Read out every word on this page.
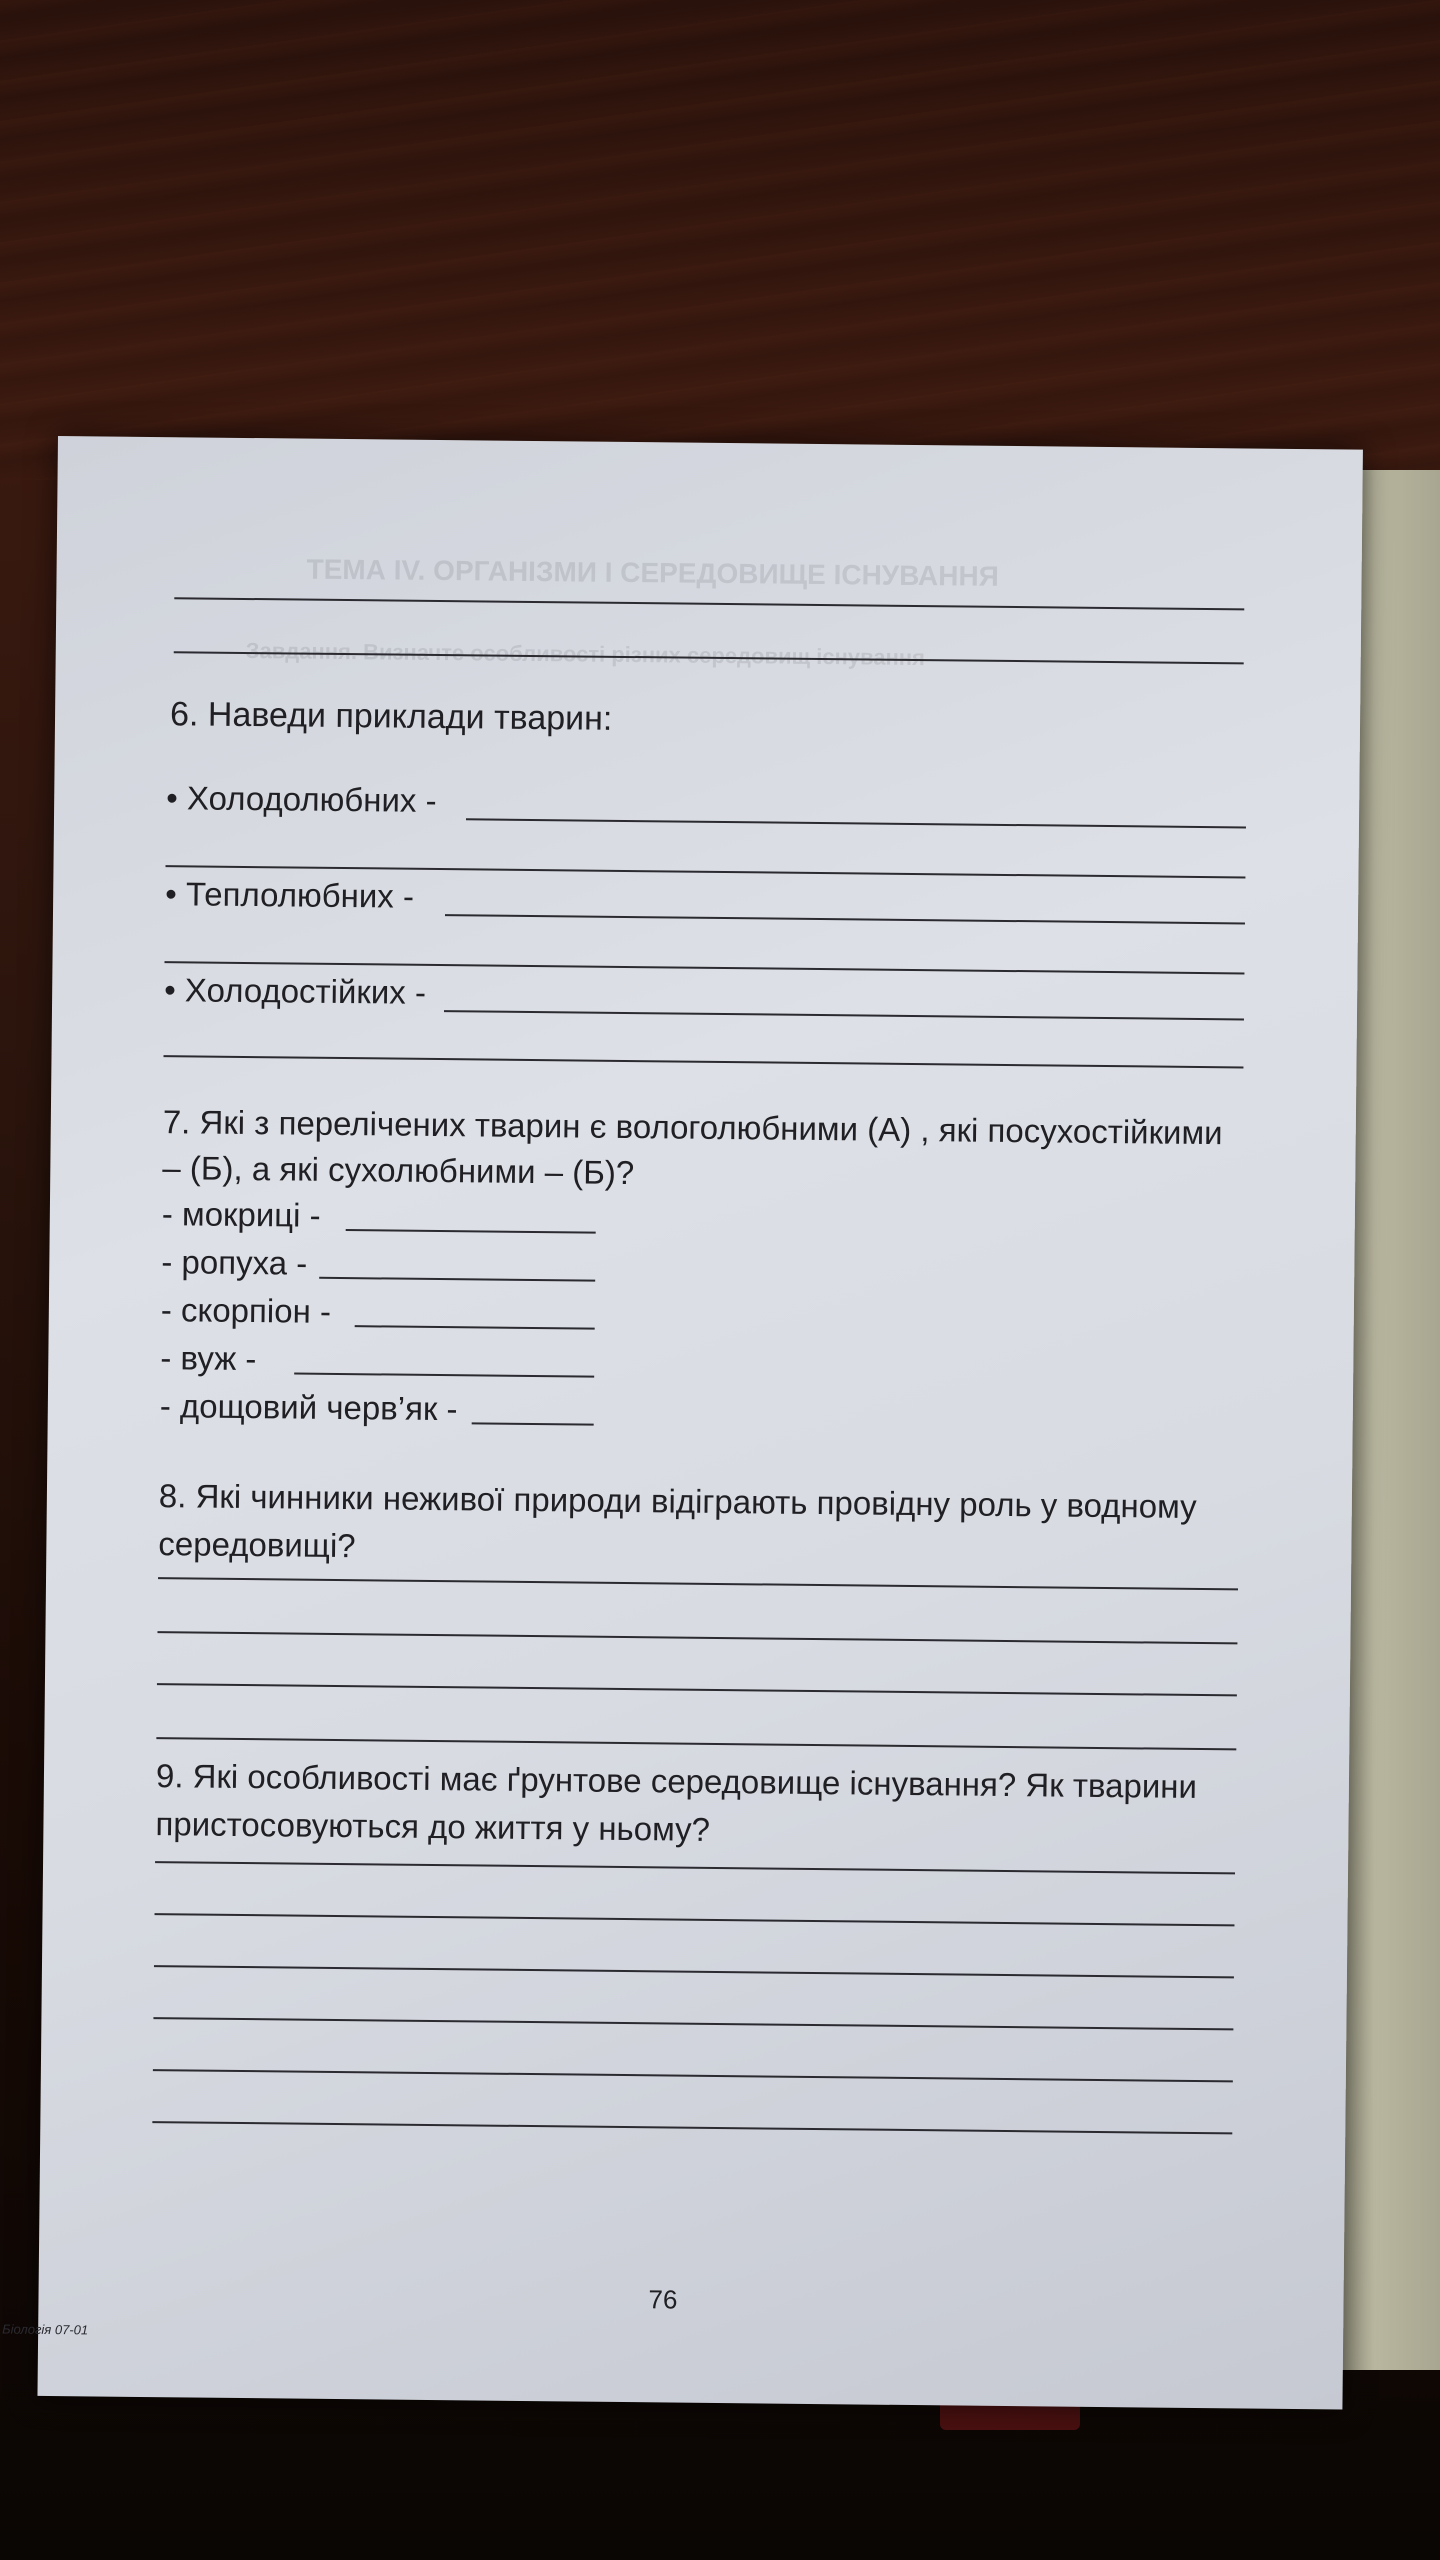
ТЕМА IV. ОРГАНІЗМИ І СЕРЕДОВИЩЕ ІСНУВАННЯ
Завдання. Визначте особливості різних середовищ існування
6. Наведи приклади тварин:
• Холодолюбних -
• Теплолюбних -
• Холодостійких -
7. Які з перелічених тварин є вологолюбними (А) , які посухостійкими
– (Б), а які сухолюбними – (Б)?
- мокриці -
- ропуха -
- скорпіон -
- вуж -
- дощовий черв’як -
8. Які чинники неживої природи відіграють провідну роль у водному
середовищі?
9. Які особливості має ґрунтове середовище існування? Як тварини
пристосовуються до життя у ньому?
76
Біологія 07-01
